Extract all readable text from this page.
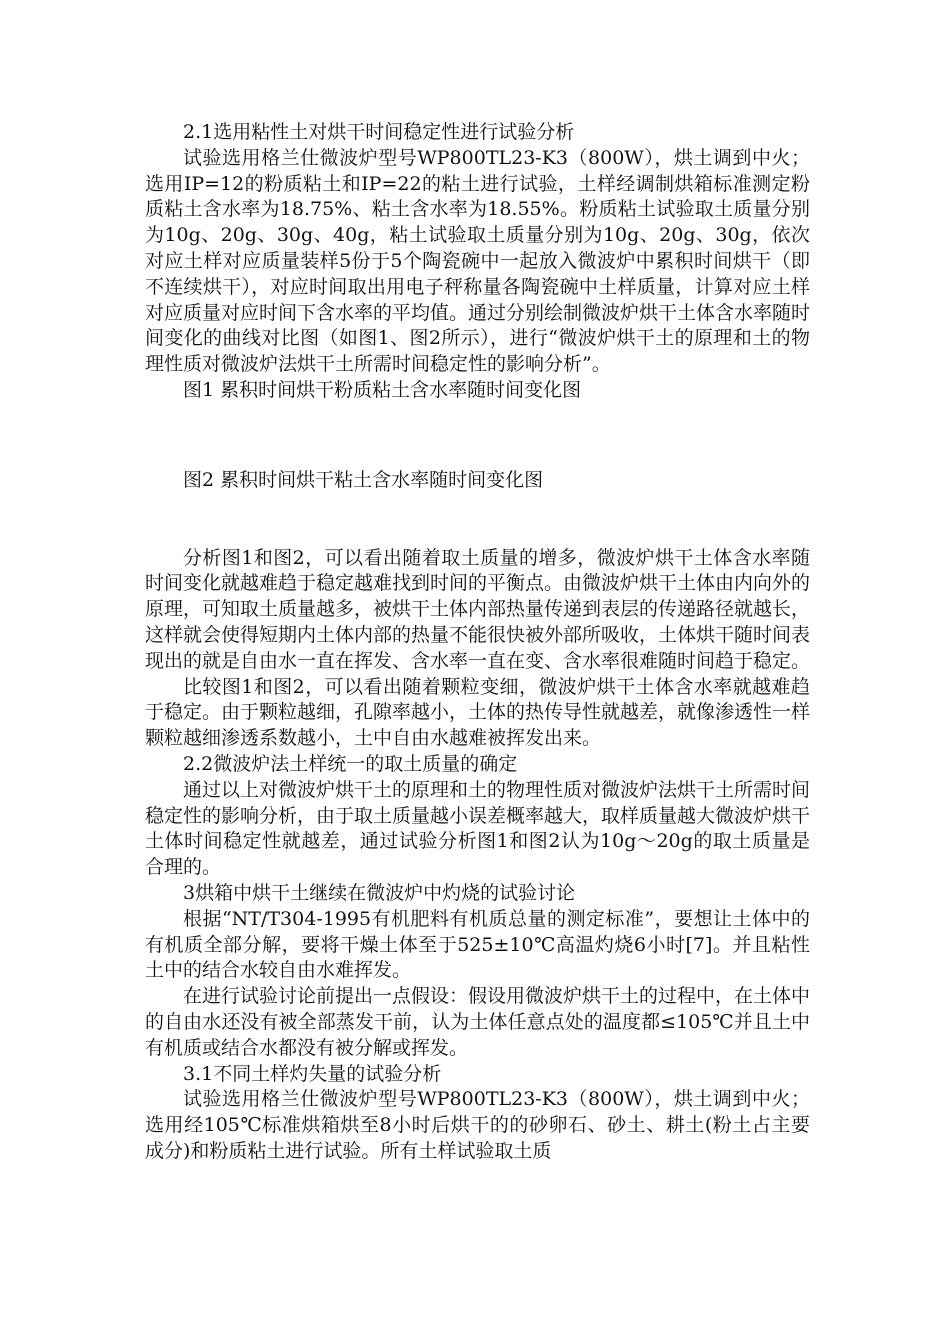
2.1选用粘性土对烘干时间稳定性进行试验分析

试验选用格兰仕微波炉型号WP800TL23-K3（800W），烘土调到中火；选用IP=12的粉质粘土和IP=22的粘土进行试验，土样经调制烘箱标准测定粉质粘土含水率为18.75%、粘土含水率为18.55%。粉质粘土试验取土质量分别为10g、20g、30g、40g，粘土试验取土质量分别为10g、20g、30g，依次对应土样对应质量装样5份于5个陶瓷碗中一起放入微波炉中累积时间烘干（即不连续烘干），对应时间取出用电子秤称量各陶瓷碗中土样质量，计算对应土样对应质量对应时间下含水率的平均值。通过分别绘制微波炉烘干土体含水率随时间变化的曲线对比图（如图1、图2所示），进行“微波炉烘干土的原理和土的物理性质对微波炉法烘干土所需时间稳定性的影响分析”。

图1 累积时间烘干粉质粘土含水率随时间变化图

图2 累积时间烘干粘土含水率随时间变化图

分析图1和图2，可以看出随着取土质量的增多，微波炉烘干土体含水率随时间变化就越难趋于稳定越难找到时间的平衡点。由微波炉烘干土体由内向外的原理，可知取土质量越多，被烘干土体内部热量传递到表层的传递路径就越长，这样就会使得短期内土体内部的热量不能很快被外部所吸收，土体烘干随时间表现出的就是自由水一直在挥发、含水率一直在变、含水率很难随时间趋于稳定。

比较图1和图2，可以看出随着颗粒变细，微波炉烘干土体含水率就越难趋于稳定。由于颗粒越细，孔隙率越小，土体的热传导性就越差，就像渗透性一样颗粒越细渗透系数越小，土中自由水越难被挥发出来。

2.2微波炉法土样统一的取土质量的确定

通过以上对微波炉烘干土的原理和土的物理性质对微波炉法烘干土所需时间稳定性的影响分析，由于取土质量越小误差概率越大，取样质量越大微波炉烘干土体时间稳定性就越差，通过试验分析图1和图2认为10g～20g的取土质量是合理的。

3烘箱中烘干土继续在微波炉中灼烧的试验讨论

根据“NT/T304-1995有机肥料有机质总量的测定标准”，要想让土体中的有机质全部分解，要将干燥土体至于525±10℃高温灼烧6小时[7]。并且粘性土中的结合水较自由水难挥发。

在进行试验讨论前提出一点假设：假设用微波炉烘干土的过程中，在土体中的自由水还没有被全部蒸发干前，认为土体任意点处的温度都≤105℃并且土中有机质或结合水都没有被分解或挥发。

3.1不同土样灼失量的试验分析

试验选用格兰仕微波炉型号WP800TL23-K3（800W），烘土调到中火；选用经105℃标准烘箱烘至8小时后烘干的的砂卵石、砂土、耕土(粉土占主要成分)和粉质粘土进行试验。所有土样试验取土质
